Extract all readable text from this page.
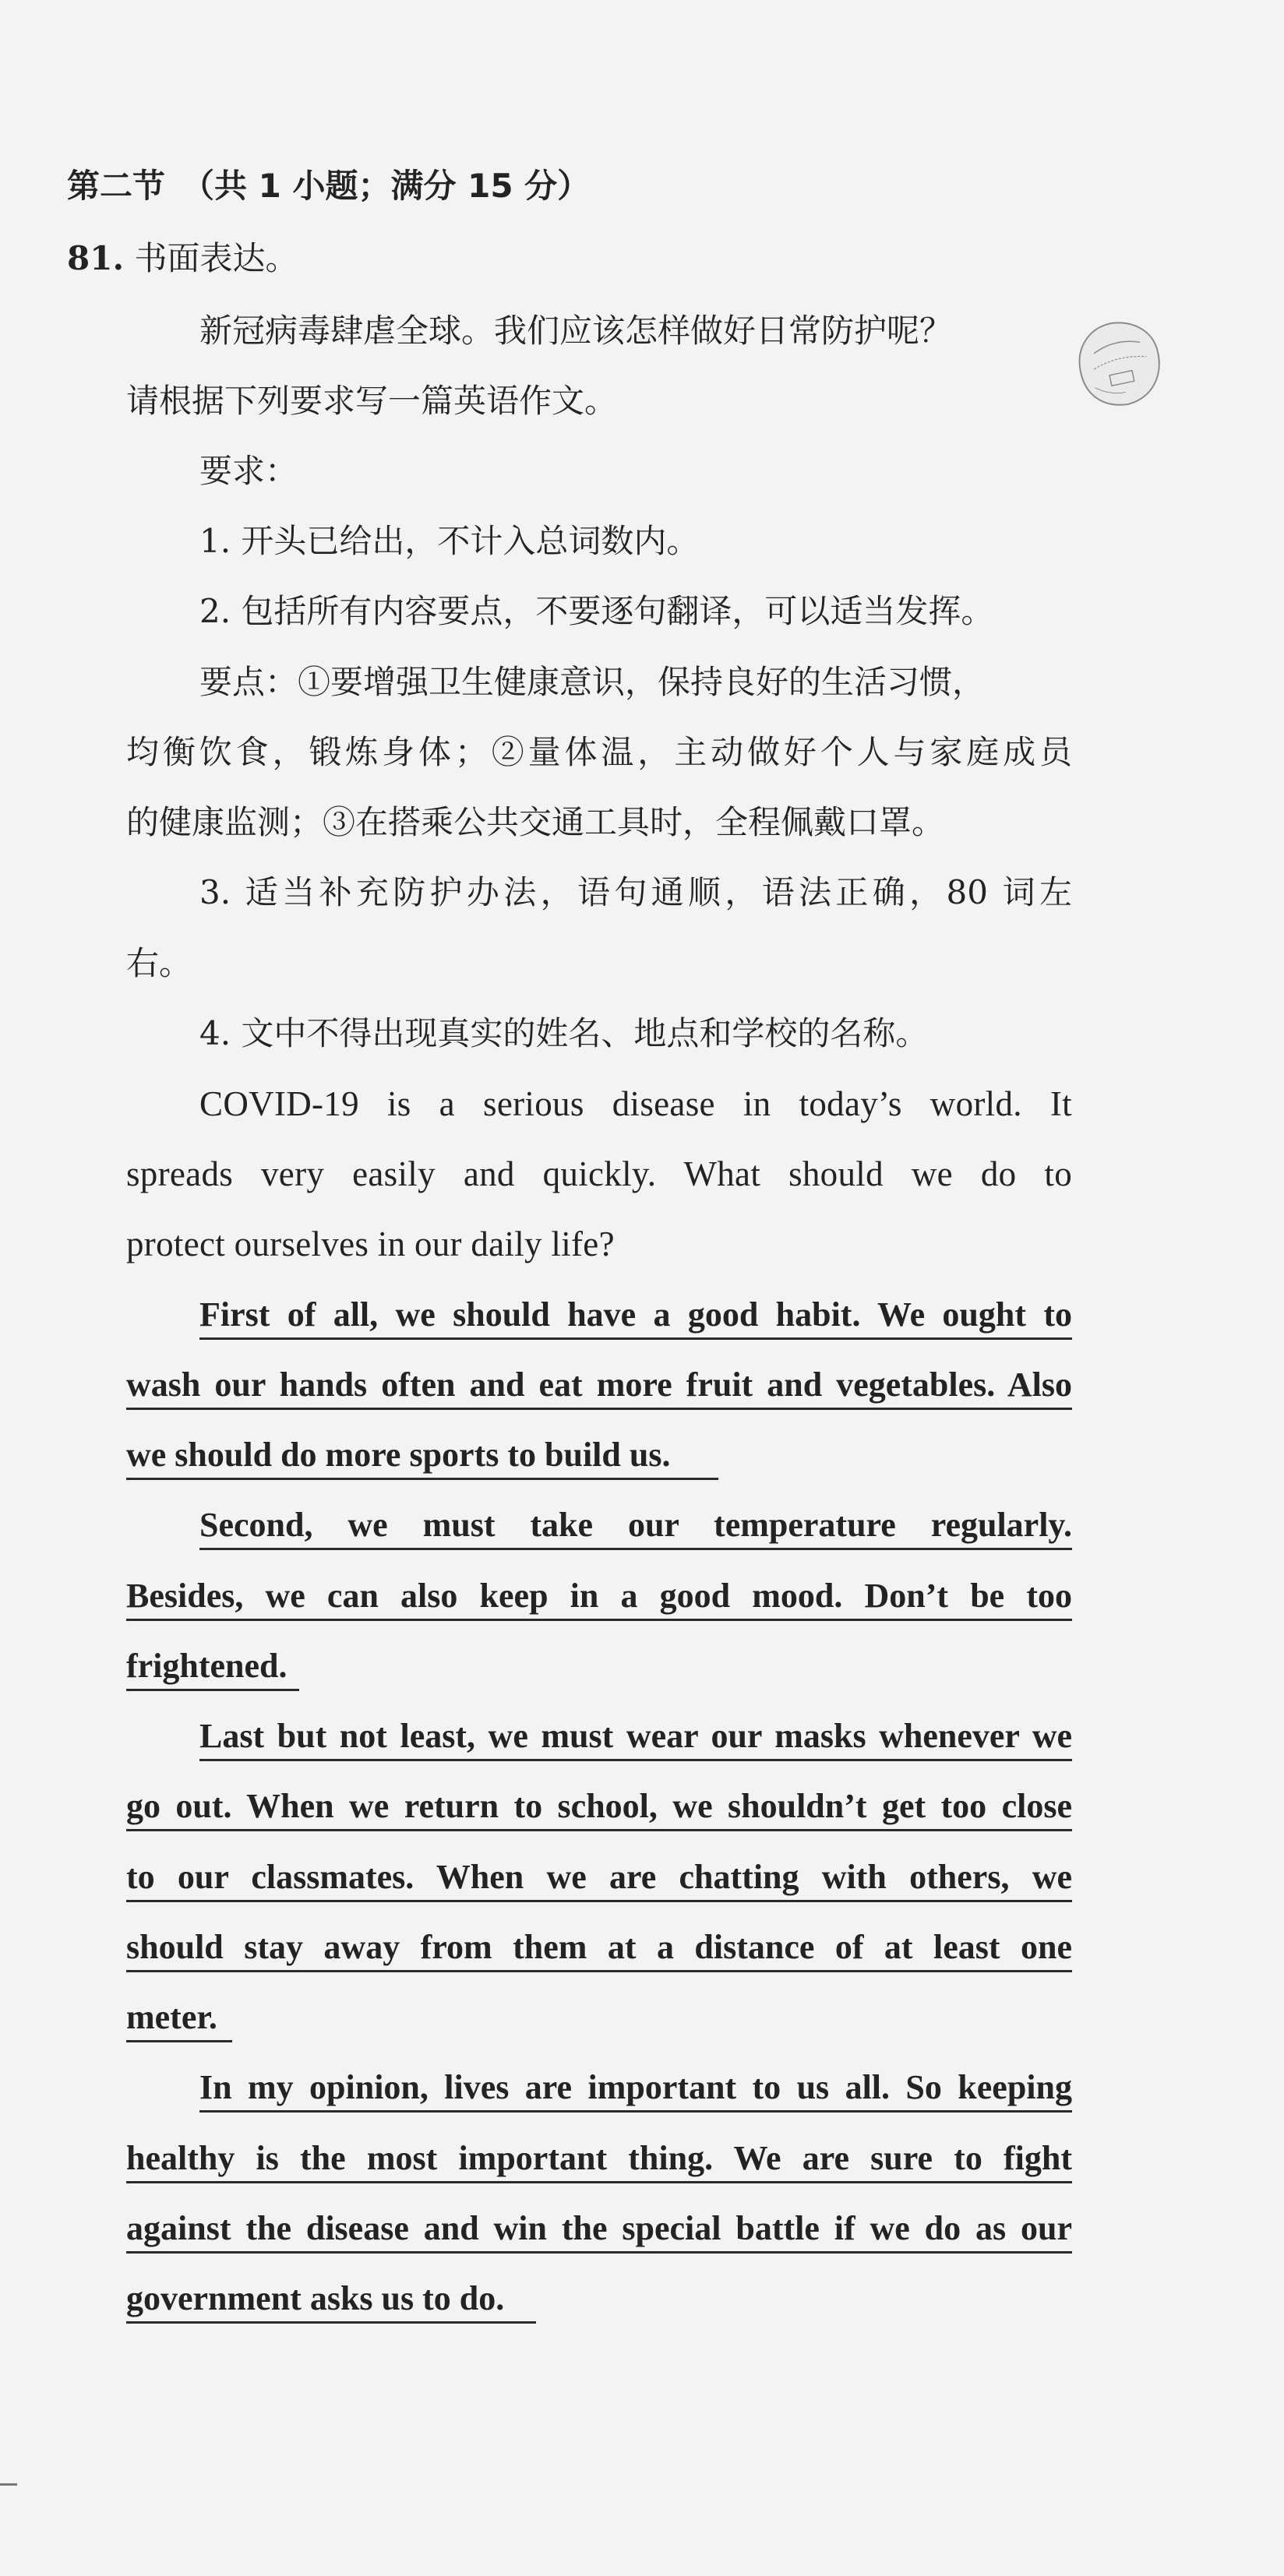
第二节　（共 1 小题；满分 15 分）
81. 书面表达。
新冠病毒肆虐全球。我们应该怎样做好日常防护呢？
请根据下列要求写一篇英语作文。
要求：
1. 开头已给出，不计入总词数内。
2. 包括所有内容要点，不要逐句翻译，可以适当发挥。
要点：①要增强卫生健康意识，保持良好的生活习惯，
均衡饮食，锻炼身体；②量体温，主动做好个人与家庭成员
的健康监测；③在搭乘公共交通工具时，全程佩戴口罩。
3. 适当补充防护办法，语句通顺，语法正确，80 词左
右。
4. 文中不得出现真实的姓名、地点和学校的名称。
COVID-19 is a serious disease in today’s world. It
spreads very easily and quickly. What should we do to
protect ourselves in our daily life?
First of all, we should have a good habit. We ought to
wash our hands often and eat more fruit and vegetables. Also
we should do more sports to build us.
Second, we must take our temperature regularly.
Besides, we can also keep in a good mood. Don’t be too
frightened.
Last but not least, we must wear our masks whenever we
go out. When we return to school, we shouldn’t get too close
to our classmates. When we are chatting with others, we
should stay away from them at a distance of at least one
meter.
In my opinion, lives are important to us all. So keeping
healthy is the most important thing. We are sure to fight
against the disease and win the special battle if we do as our
government asks us to do.
